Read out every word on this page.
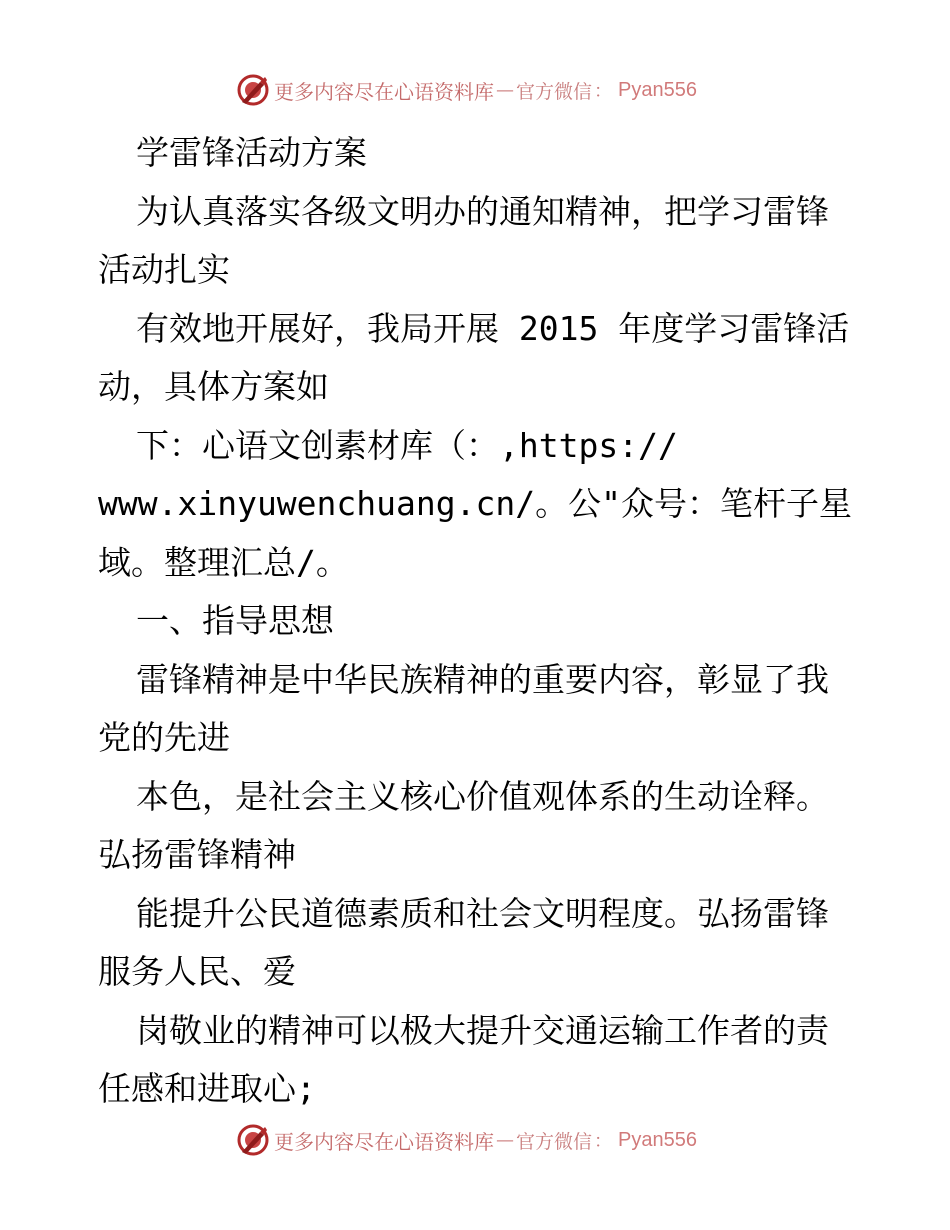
更多内容尽在心语资料库 — 官方微信 ： Pyan556
学雷锋活动方案
为认真落实各级文明办的通知精神，把学习雷锋
活动扎实
有效地开展好，我局开展 2015 年度学习雷锋活
动，具体方案如
下：心语文创素材库（：,https://
www.xinyuwenchuang.cn/。公"众号：笔杆子星
域。整理汇总/。
一、指导思想
雷锋精神是中华民族精神的重要内容，彰显了我
党的先进
本色，是社会主义核心价值观体系的生动诠释。
弘扬雷锋精神
能提升公民道德素质和社会文明程度。弘扬雷锋
服务人民、爱
岗敬业的精神可以极大提升交通运输工作者的责
任感和进取心;
更多内容尽在心语资料库 — 官方微信 ： Pyan556
